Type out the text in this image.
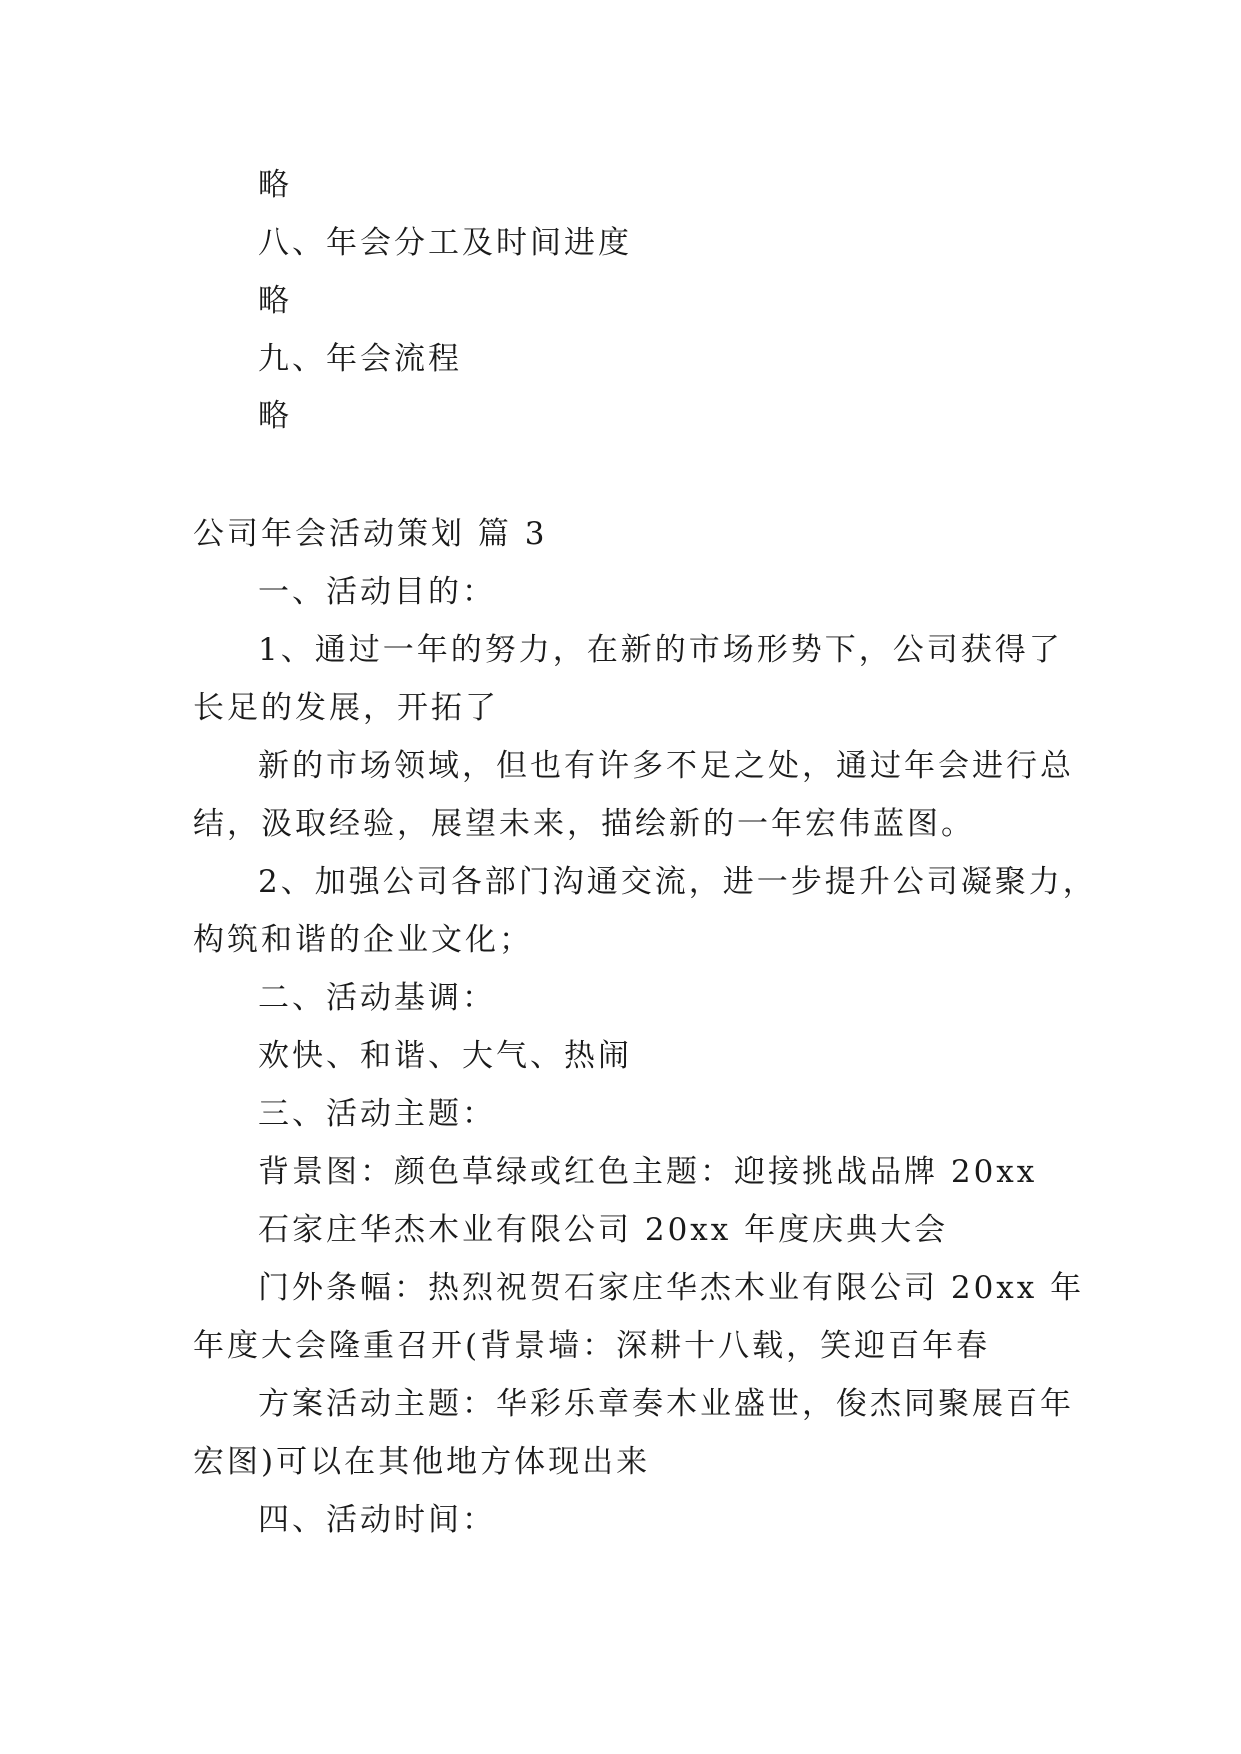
略
八、年会分工及时间进度
略
九、年会流程
略
公司年会活动策划 篇 3
一、活动目的：
1、通过一年的努力，在新的市场形势下，公司获得了
长足的发展，开拓了
新的市场领域，但也有许多不足之处，通过年会进行总
结，汲取经验，展望未来，描绘新的一年宏伟蓝图。
2、加强公司各部门沟通交流，进一步提升公司凝聚力，
构筑和谐的企业文化；
二、活动基调：
欢快、和谐、大气、热闹
三、活动主题：
背景图：颜色草绿或红色主题：迎接挑战品牌 20xx
石家庄华杰木业有限公司 20xx 年度庆典大会
门外条幅：热烈祝贺石家庄华杰木业有限公司 20xx 年
年度大会隆重召开(背景墙：深耕十八载，笑迎百年春
方案活动主题：华彩乐章奏木业盛世，俊杰同聚展百年
宏图)可以在其他地方体现出来
四、活动时间：
